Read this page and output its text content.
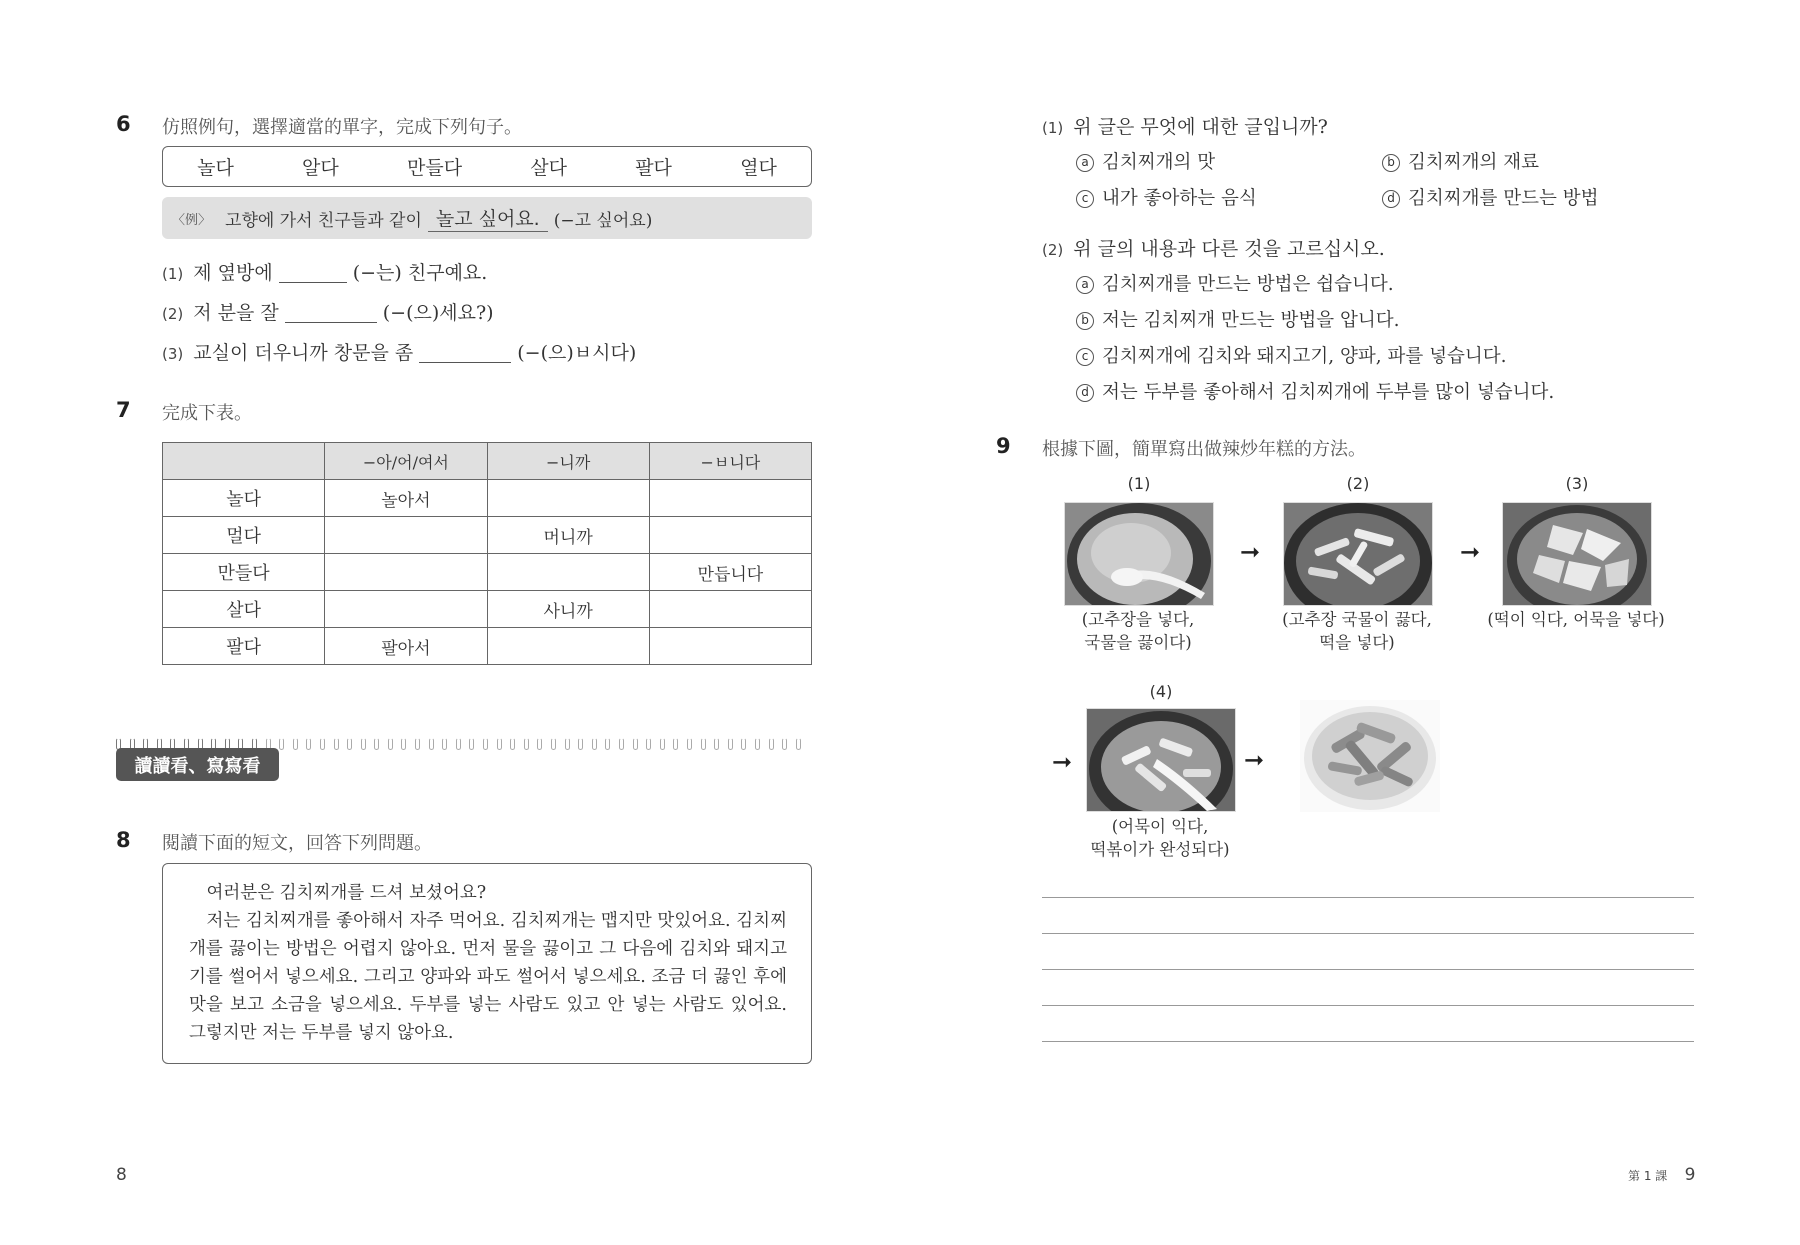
6 仿照例句，選擇適當的單字，完成下列句子。
놀다	알다	만들다	살다	팔다	열다
〈例〉 고향에 가서 친구들과 같이 놀고 싶어요. (−고 싶어요)
(1) 제 옆방에	(−는) 친구예요.
(2) 저 분을 잘	(−(으)세요?)
(3) 교실이 더우니까 창문을 좀	(−(으)ㅂ시다)
7 完成下表。
	−아/어/여서	−니까	−ㅂ니다
놀다	놀아서		
멀다		머니까	
만들다			만듭니다
살다		사니까	
팔다	팔아서		
讀讀看、寫寫看
8 閱讀下面的短文，回答下列問題。

여러분은 김치찌개를 드셔 보셨어요?

저는 김치찌개를 좋아해서 자주 먹어요. 김치찌개는 맵지만 맛있어요. 김치찌개를 끓이는 방법은 어렵지 않아요. 먼저 물을 끓이고 그 다음에 김치와 돼지고기를 썰어서 넣으세요. 그리고 양파와 파도 썰어서 넣으세요. 조금 더 끓인 후에 맛을 보고 소금을 넣으세요. 두부를 넣는 사람도 있고 안 넣는 사람도 있어요. 그렇지만 저는 두부를 넣지 않아요.

8
(1) 위 글은 무엇에 대한 글입니까?
a 김치찌개의 맛	b 김치찌개의 재료
c 내가 좋아하는 음식	d 김치찌개를 만드는 방법
(2) 위 글의 내용과 다른 것을 고르십시오.
a 김치찌개를 만드는 방법은 쉽습니다.
b 저는 김치찌개 만드는 방법을 압니다.
c 김치찌개에 김치와 돼지고기, 양파, 파를 넣습니다.
d 저는 두부를 좋아해서 김치찌개에 두부를 많이 넣습니다.
9 根據下圖，簡單寫出做辣炒年糕的方法。
(1)
(고추장을 넣다,
국물을 끓이다)
➞
(2)
(고추장 국물이 끓다,
떡을 넣다)
➞
(3)
(떡이 익다, 어묵을 넣다)
➞
(4)
(어묵이 익다,
떡볶이가 완성되다)
➞
第 1 課 9
